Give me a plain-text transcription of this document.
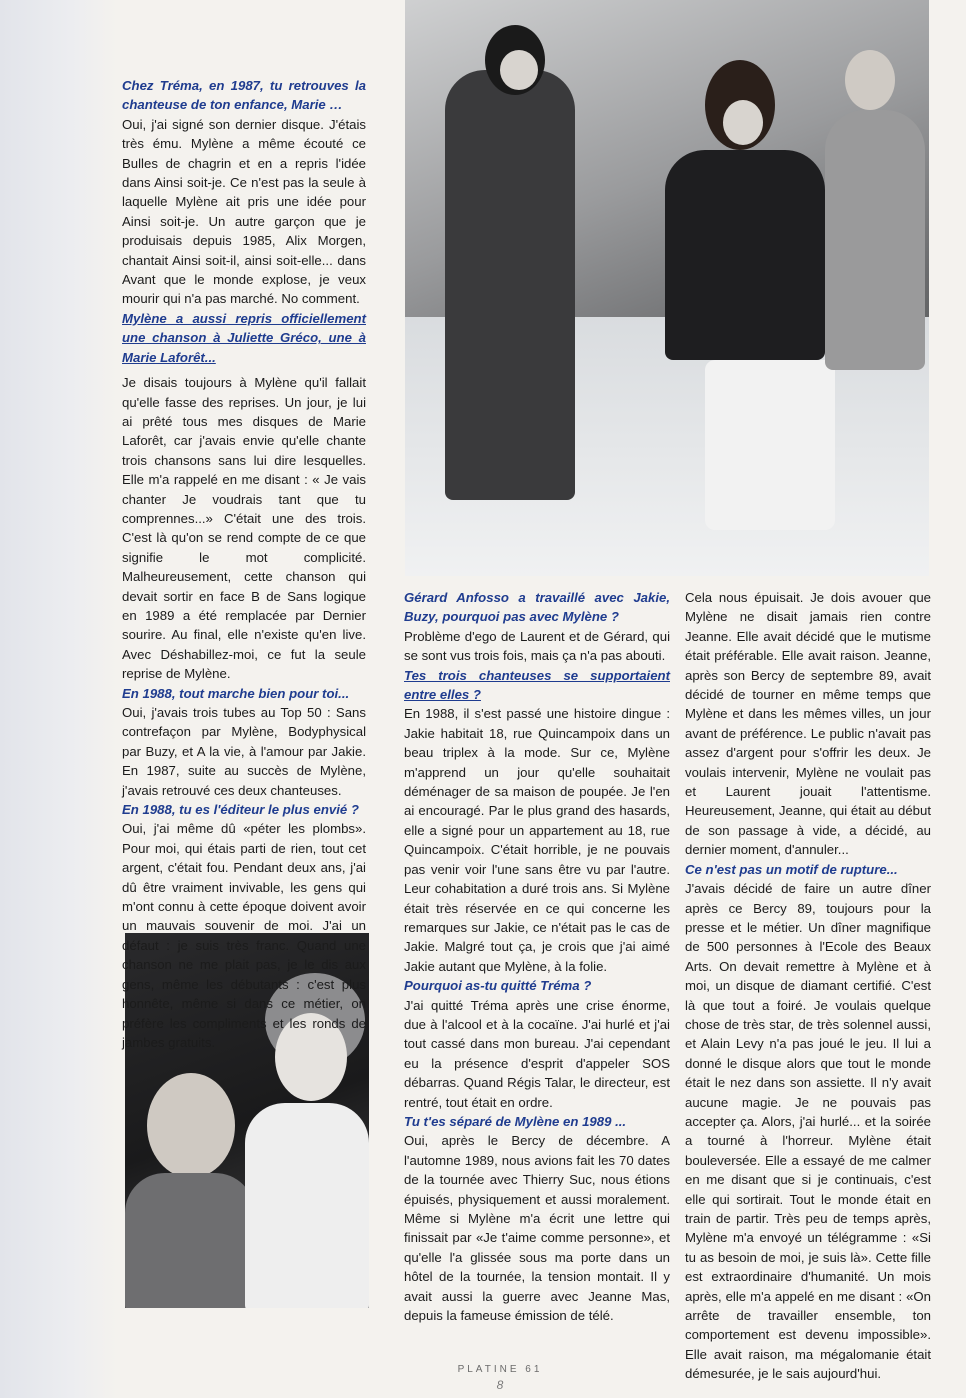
Chez Tréma, en 1987, tu retrouves la chanteuse de ton enfance, Marie …

Oui, j'ai signé son dernier disque. J'étais très ému. Mylène a même écouté ce Bulles de chagrin et en a repris l'idée dans Ainsi soit-je. Ce n'est pas la seule à laquelle Mylène ait pris une idée pour Ainsi soit-je. Un autre garçon que je produisais depuis 1985, Alix Morgen, chantait Ainsi soit-il, ainsi soit-elle... dans Avant que le monde explose, je veux mourir qui n'a pas marché. No comment.

Mylène a aussi repris officiellement une chanson à Juliette Gréco, une à Marie Laforêt...

Je disais toujours à Mylène qu'il fallait qu'elle fasse des reprises. Un jour, je lui ai prêté tous mes disques de Marie Laforêt, car j'avais envie qu'elle chante trois chansons sans lui dire lesquelles. Elle m'a rappelé en me disant : « Je vais chanter Je voudrais tant que tu comprennes...» C'était une des trois. C'est là qu'on se rend compte de ce que signifie le mot complicité. Malheureusement, cette chanson qui devait sortir en face B de Sans logique en 1989 a été remplacée par Dernier sourire. Au final, elle n'existe qu'en live. Avec Déshabillez-moi, ce fut la seule reprise de Mylène.

En 1988, tout marche bien pour toi...

Oui, j'avais trois tubes au Top 50 : Sans contrefaçon par Mylène, Bodyphysical par Buzy, et A la vie, à l'amour par Jakie. En 1987, suite au succès de Mylène, j'avais retrouvé ces deux chanteuses.

En 1988, tu es l'éditeur le plus envié ?

Oui, j'ai même dû «péter les plombs». Pour moi, qui étais parti de rien, tout cet argent, c'était fou. Pendant deux ans, j'ai dû être vraiment invivable, les gens qui m'ont connu à cette époque doivent avoir un mauvais souvenir de moi. J'ai un défaut : je suis très franc. Quand une chanson ne me plait pas, je le dis aux gens, même les débutants : c'est plus honnête, même si dans ce métier, on préfère les compliments et les ronds de jambes gratuits.

Gérard Anfosso a travaillé avec Jakie, Buzy, pourquoi pas avec Mylène ?

Problème d'ego de Laurent et de Gérard, qui se sont vus trois fois, mais ça n'a pas abouti.

Tes trois chanteuses se supportaient entre elles ?

En 1988, il s'est passé une histoire dingue : Jakie habitait 18, rue Quincampoix dans un beau triplex à la mode. Sur ce, Mylène m'apprend un jour qu'elle souhaitait déménager de sa maison de poupée. Je l'en ai encouragé. Par le plus grand des hasards, elle a signé pour un appartement au 18, rue Quincampoix. C'était horrible, je ne pouvais pas venir voir l'une sans être vu par l'autre. Leur cohabitation a duré trois ans. Si Mylène était très réservée en ce qui concerne les remarques sur Jakie, ce n'était pas le cas de Jakie. Malgré tout ça, je crois que j'ai aimé Jakie autant que Mylène, à la folie.

Pourquoi as-tu quitté Tréma ?

J'ai quitté Tréma après une crise énorme, due à l'alcool et à la cocaïne. J'ai hurlé et j'ai tout cassé dans mon bureau. J'ai cependant eu la présence d'esprit d'appeler SOS débarras. Quand Régis Talar, le directeur, est rentré, tout était en ordre.

Tu t'es séparé de Mylène en 1989 ...

Oui, après le Bercy de décembre. A l'automne 1989, nous avions fait les 70 dates de la tournée avec Thierry Suc, nous étions épuisés, physiquement et aussi moralement. Même si Mylène m'a écrit une lettre qui finissait par «Je t'aime comme personne», et qu'elle l'a glissée sous ma porte dans un hôtel de la tournée, la tension montait. Il y avait aussi la guerre avec Jeanne Mas, depuis la fameuse émission de télé.

Cela nous épuisait. Je dois avouer que Mylène ne disait jamais rien contre Jeanne. Elle avait décidé que le mutisme était préférable. Elle avait raison. Jeanne, après son Bercy de septembre 89, avait décidé de tourner en même temps que Mylène et dans les mêmes villes, un jour avant de préférence. Le public n'avait pas assez d'argent pour s'offrir les deux. Je voulais intervenir, Mylène ne voulait pas et Laurent jouait l'attentisme. Heureusement, Jeanne, qui était au début de son passage à vide, a décidé, au dernier moment, d'annuler...

Ce n'est pas un motif de rupture...

J'avais décidé de faire un autre dîner après ce Bercy 89, toujours pour la presse et le métier. Un dîner magnifique de 500 personnes à l'Ecole des Beaux Arts. On devait remettre à Mylène et à moi, un disque de diamant certifié. C'est là que tout a foiré. Je voulais quelque chose de très star, de très solennel aussi, et Alain Levy n'a pas joué le jeu. Il lui a donné le disque alors que tout le monde était le nez dans son assiette. Il n'y avait aucune magie. Je ne pouvais pas accepter ça. Alors, j'ai hurlé... et la soirée a tourné à l'horreur. Mylène était bouleversée. Elle a essayé de me calmer en me disant que si je continuais, c'est elle qui sortirait. Tout le monde était en train de partir. Très peu de temps après, Mylène m'a envoyé un télégramme : «Si tu as besoin de moi, je suis là». Cette fille est extraordinaire d'humanité. Un mois après, elle m'a appelé en me disant : «On arrête de travailler ensemble, ton comportement est devenu impossible». Elle avait raison, ma mégalomanie était démesurée, je le sais aujourd'hui.

PLATINE 61
8
